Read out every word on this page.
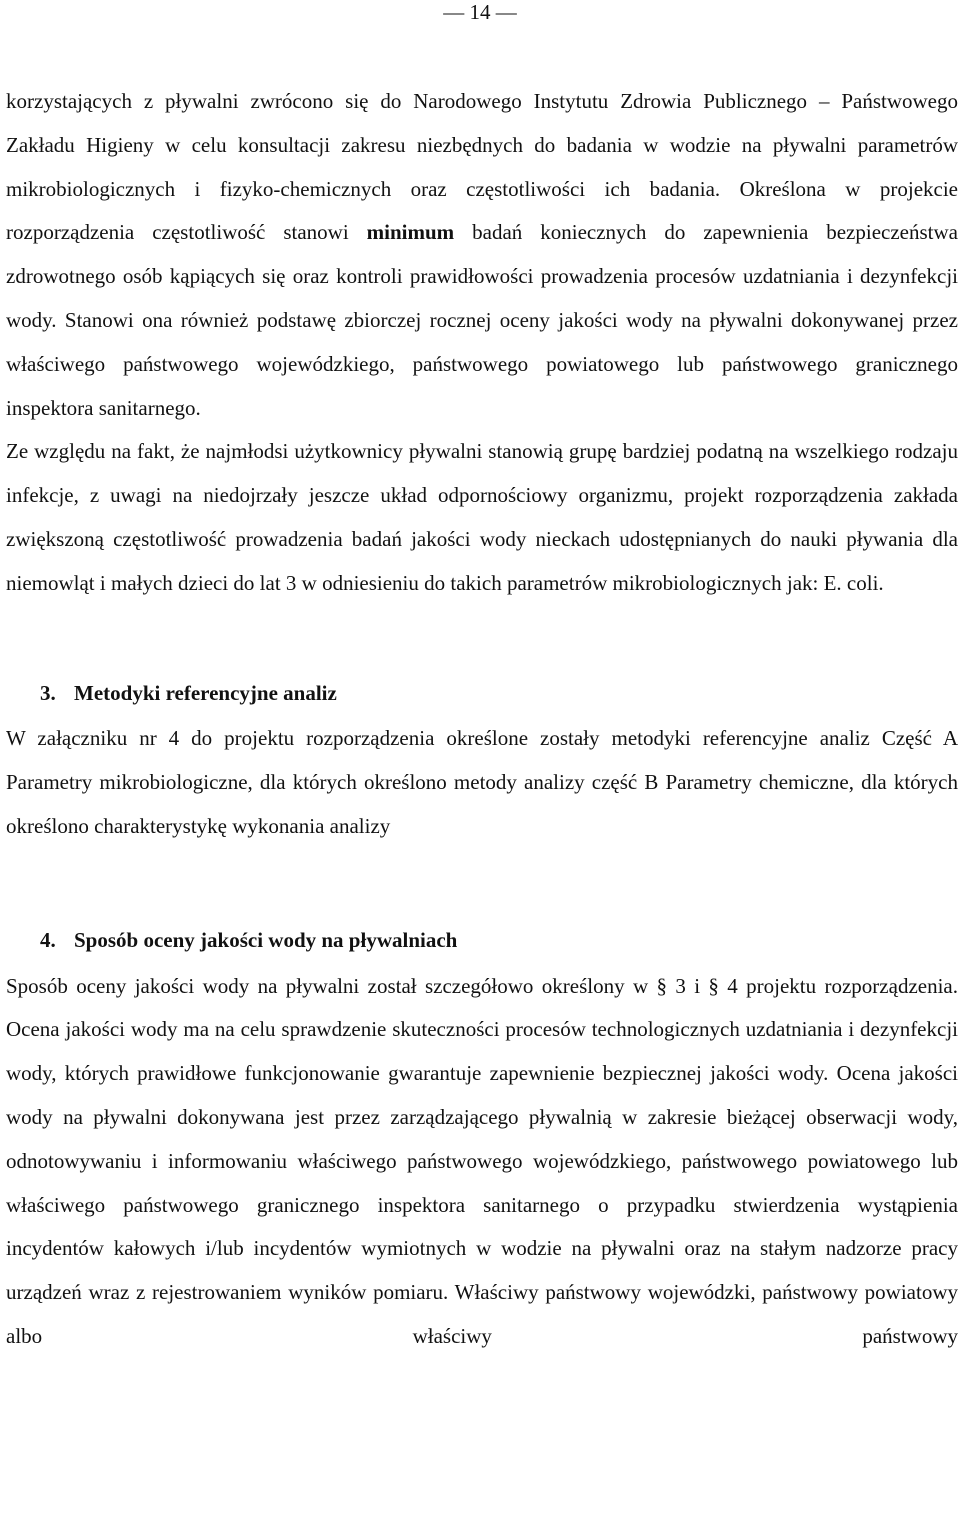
— 14 —

korzystających z pływalni zwrócono się do Narodowego Instytutu Zdrowia Publicznego – Państwowego Zakładu Higieny w celu konsultacji zakresu niezbędnych do badania w wodzie na pływalni parametrów mikrobiologicznych i fizyko-chemicznych oraz częstotliwości ich badania. Określona w projekcie rozporządzenia częstotliwość stanowi minimum badań koniecznych do zapewnienia bezpieczeństwa zdrowotnego osób kąpiących się oraz kontroli prawidłowości prowadzenia procesów uzdatniania i dezynfekcji wody. Stanowi ona również podstawę zbiorczej rocznej oceny jakości wody na pływalni dokonywanej przez właściwego państwowego wojewódzkiego, państwowego powiatowego lub państwowego granicznego inspektora sanitarnego.

Ze względu na fakt, że najmłodsi użytkownicy pływalni stanowią grupę bardziej podatną na wszelkiego rodzaju infekcje, z uwagi na niedojrzały jeszcze układ odpornościowy organizmu, projekt rozporządzenia zakłada zwiększoną częstotliwość prowadzenia badań jakości wody nieckach udostępnianych do nauki pływania dla niemowląt i małych dzieci do lat 3 w odniesieniu do takich parametrów mikrobiologicznych jak: E. coli.

3. Metodyki referencyjne analiz

W załączniku nr 4 do projektu rozporządzenia określone zostały metodyki referencyjne analiz Część A Parametry mikrobiologiczne, dla których określono metody analizy część B Parametry chemiczne, dla których określono charakterystykę wykonania analizy

4. Sposób oceny jakości wody na pływalniach

Sposób oceny jakości wody na pływalni został szczegółowo określony w § 3 i § 4 projektu rozporządzenia. Ocena jakości wody ma na celu sprawdzenie skuteczności procesów technologicznych uzdatniania i dezynfekcji wody, których prawidłowe funkcjonowanie gwarantuje zapewnienie bezpiecznej jakości wody. Ocena jakości wody na pływalni dokonywana jest przez zarządzającego pływalnią w zakresie bieżącej obserwacji wody, odnotowywaniu i informowaniu właściwego państwowego wojewódzkiego, państwowego powiatowego lub właściwego państwowego granicznego inspektora sanitarnego o przypadku stwierdzenia wystąpienia incydentów kałowych i/lub incydentów wymiotnych w wodzie na pływalni oraz na stałym nadzorze pracy urządzeń wraz z rejestrowaniem wyników pomiaru. Właściwy państwowy wojewódzki, państwowy powiatowy albo właściwy państwowy
